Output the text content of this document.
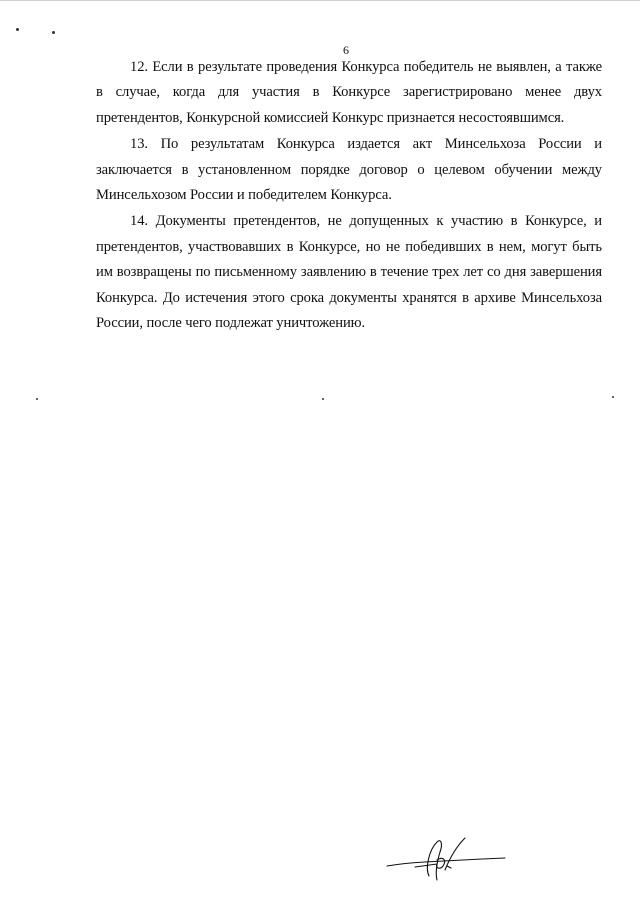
6

12. Если в результате проведения Конкурса победитель не выявлен, а также в случае, когда для участия в Конкурсе зарегистрировано менее двух претендентов, Конкурсной комиссией Конкурс признается несостоявшимся.

13. По результатам Конкурса издается акт Минсельхоза России и заключается в установленном порядке договор о целевом обучении между Минсельхозом России и победителем Конкурса.

14. Документы претендентов, не допущенных к участию в Конкурсе, и претендентов, участвовавших в Конкурсе, но не победивших в нем, могут быть им возвращены по письменному заявлению в течение трех лет со дня завершения Конкурса. До истечения этого срока документы хранятся в архиве Минсельхоза России, после чего подлежат уничтожению.
